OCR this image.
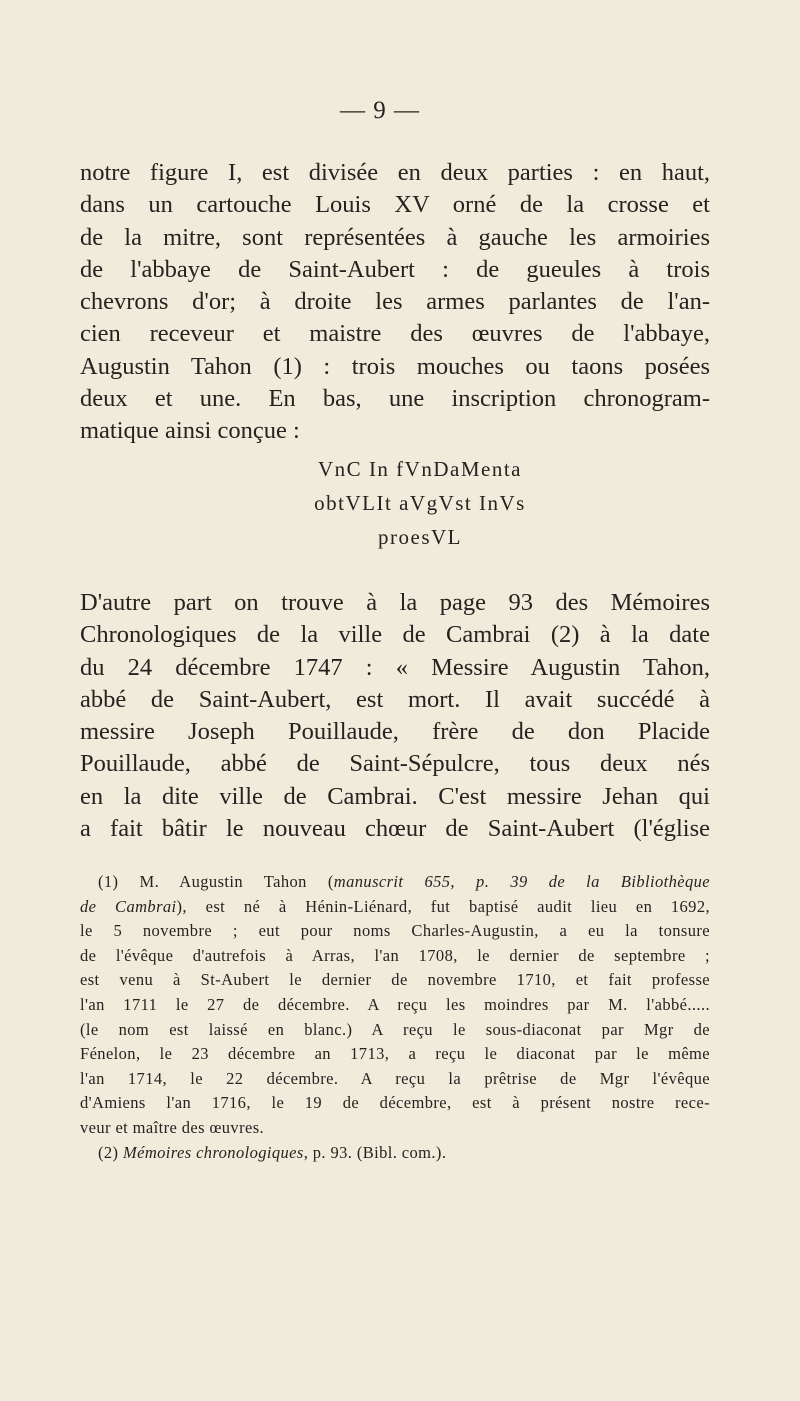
— 9 —
notre figure I, est divisée en deux parties : en haut,
dans un cartouche Louis XV orné de la crosse et
de la mitre, sont représentées à gauche les armoiries
de l'abbaye de Saint-Aubert : de gueules à trois
chevrons d'or; à droite les armes parlantes de l'an-
cien receveur et maistre des œuvres de l'abbaye,
Augustin Tahon (1) : trois mouches ou taons posées
deux et une. En bas, une inscription chronogram-
matique ainsi conçue :
VnC In fVnDaMenta
obtVLIt aVgVst InVs
proesVL
D'autre part on trouve à la page 93 des Mémoires
Chronologiques de la ville de Cambrai (2) à la date
du 24 décembre 1747 : « Messire Augustin Tahon,
abbé de Saint-Aubert, est mort. Il avait succédé à
messire Joseph Pouillaude, frère de don Placide
Pouillaude, abbé de Saint-Sépulcre, tous deux nés
en la dite ville de Cambrai. C'est messire Jehan qui
a fait bâtir le nouveau chœur de Saint-Aubert (l'église
(1) M. Augustin Tahon (manuscrit 655, p. 39 de la Bibliothèque
de Cambrai), est né à Hénin-Liénard, fut baptisé audit lieu en 1692,
le 5 novembre ; eut pour noms Charles-Augustin, a eu la tonsure
de l'évêque d'autrefois à Arras, l'an 1708, le dernier de septembre ;
est venu à St-Aubert le dernier de novembre 1710, et fait professe
l'an 1711 le 27 de décembre. A reçu les moindres par M. l'abbé.....
(le nom est laissé en blanc.) A reçu le sous-diaconat par Mgr de
Fénelon, le 23 décembre an 1713, a reçu le diaconat par le même
l'an 1714, le 22 décembre. A reçu la prêtrise de Mgr l'évêque
d'Amiens l'an 1716, le 19 de décembre, est à présent nostre rece-
veur et maître des œuvres.
(2) Mémoires chronologiques, p. 93. (Bibl. com.).
